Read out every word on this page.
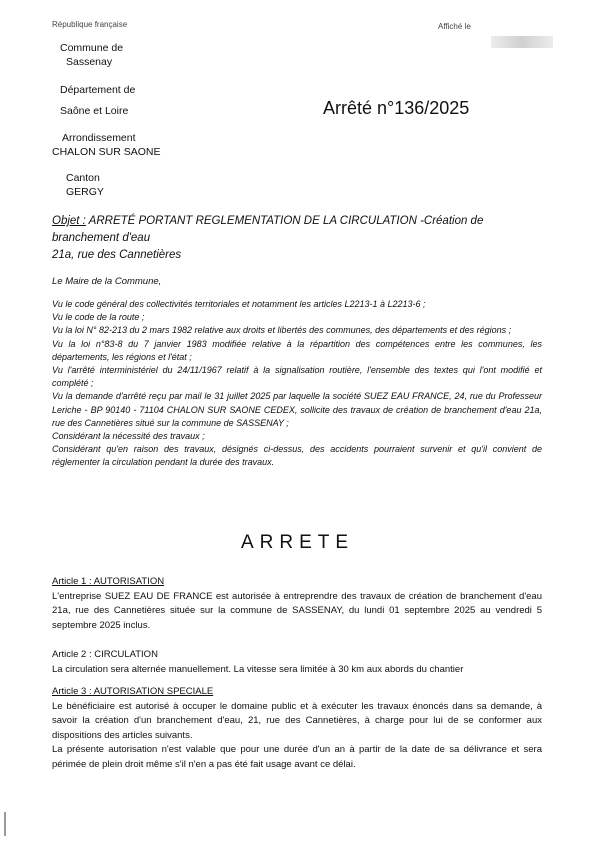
République française	Affiché le
Commune de
Sassenay
Département de
Saône et Loire
Arrondissement
CHALON SUR SAONE
Canton
GERGY
Arrêté n°136/2025
Objet : ARRETÉ PORTANT REGLEMENTATION DE LA CIRCULATION -Création de branchement d'eau
21a, rue des Cannetières
Le Maire de la Commune,

Vu le code général des collectivités territoriales et notamment les articles L2213-1 à L2213-6 ;

Vu le code de la route ;

Vu la loi N° 82-213 du 2 mars 1982 relative aux droits et libertés des communes, des départements et des régions ;

Vu la loi n°83-8 du 7 janvier 1983 modifiée relative à la répartition des compétences entre les communes, les départements, les régions et l'état ;

Vu l'arrêté interministériel du 24/11/1967 relatif à la signalisation routière, l'ensemble des textes qui l'ont modifié et complété ;

Vu la demande d'arrêté reçu par mail le 31 juillet 2025 par laquelle la société SUEZ EAU FRANCE, 24, rue du Professeur Leriche - BP 90140 - 71104 CHALON SUR SAONE CEDEX, sollicite des travaux de création de branchement d'eau 21a, rue des Cannetières situé sur la commune de SASSENAY ;

Considérant la nécessité des travaux ;

Considérant qu'en raison des travaux, désignés ci-dessus, des accidents pourraient survenir et qu'il convient de réglementer la circulation pendant la durée des travaux.

ARRETE
Article 1 : AUTORISATION

L'entreprise SUEZ EAU DE FRANCE est autorisée à entreprendre des travaux de création de branchement d'eau 21a, rue des Cannetières située sur la commune de SASSENAY, du lundi 01 septembre 2025 au vendredi 5 septembre 2025 inclus.

Article 2 : CIRCULATION

La circulation sera alternée manuellement. La vitesse sera limitée à 30 km aux abords du chantier

Article 3 : AUTORISATION SPECIALE

Le bénéficiaire est autorisé à occuper le domaine public et à exécuter les travaux énoncés dans sa demande, à savoir la création d'un branchement d'eau, 21, rue des Cannetières, à charge pour lui de se conformer aux dispositions des articles suivants.

La présente autorisation n'est valable que pour une durée d'un an à partir de la date de sa délivrance et sera périmée de plein droit même s'il n'en a pas été fait usage avant ce délai.
